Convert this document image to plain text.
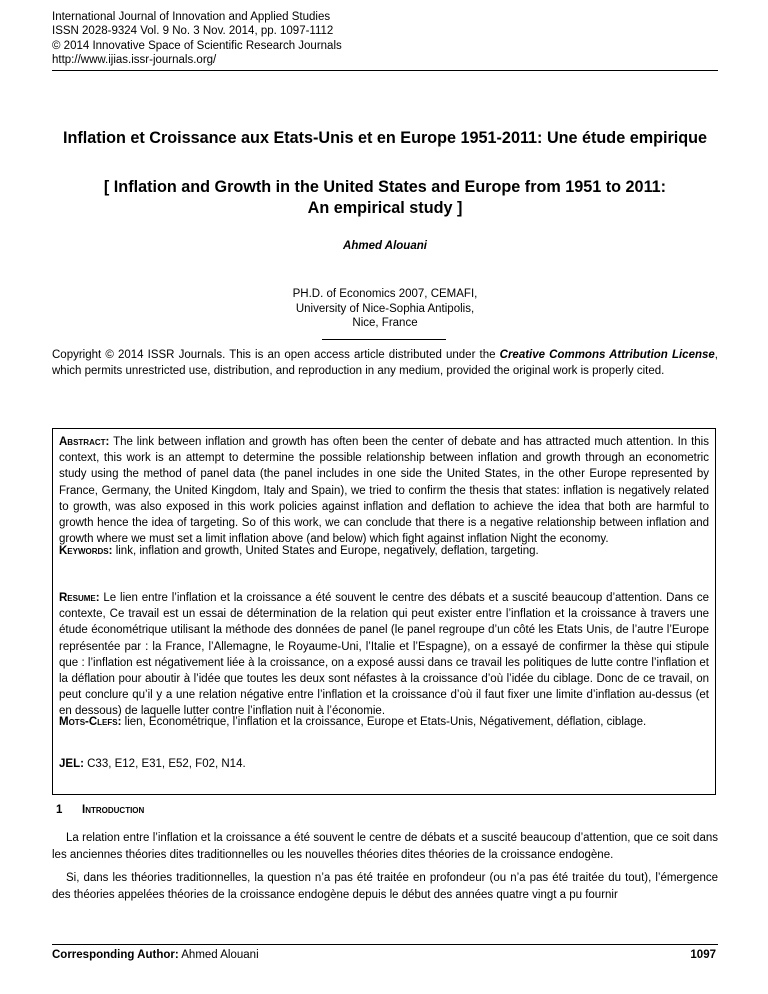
International Journal of Innovation and Applied Studies
ISSN 2028-9324 Vol. 9 No. 3 Nov. 2014, pp. 1097-1112
© 2014 Innovative Space of Scientific Research Journals
http://www.ijias.issr-journals.org/
Inflation et Croissance aux Etats-Unis et en Europe 1951-2011: Une étude empirique
[ Inflation and Growth in the United States and Europe from 1951 to 2011:
An empirical study ]
Ahmed Alouani
PH.D. of Economics 2007, CEMAFI,
University of Nice-Sophia Antipolis,
Nice, France
Copyright © 2014 ISSR Journals. This is an open access article distributed under the Creative Commons Attribution License, which permits unrestricted use, distribution, and reproduction in any medium, provided the original work is properly cited.
Abstract: The link between inflation and growth has often been the center of debate and has attracted much attention. In this context, this work is an attempt to determine the possible relationship between inflation and growth through an econometric study using the method of panel data (the panel includes in one side the United States, in the other Europe represented by France, Germany, the United Kingdom, Italy and Spain), we tried to confirm the thesis that states: inflation is negatively related to growth, was also exposed in this work policies against inflation and deflation to achieve the idea that both are harmful to growth hence the idea of targeting. So of this work, we can conclude that there is a negative relationship between inflation and growth where we must set a limit inflation above (and below) which fight against inflation Night the economy.
Keywords: link, inflation and growth, United States and Europe, negatively, deflation, targeting.
Resume: Le lien entre l’inflation et la croissance a été souvent le centre des débats et a suscité beaucoup d’attention. Dans ce contexte, Ce travail est un essai de détermination de la relation qui peut exister entre l’inflation et la croissance à travers une étude économétrique utilisant la méthode des données de panel (le panel regroupe d’un côté les Etats Unis, de l’autre l’Europe représentée par : la France, l’Allemagne, le Royaume-Uni, l’Italie et l’Espagne), on a essayé de confirmer la thèse qui stipule que : l’inflation est négativement liée à la croissance, on a exposé aussi dans ce travail les politiques de lutte contre l’inflation et la déflation pour aboutir à l’idée que toutes les deux sont néfastes à la croissance d’où l’idée du ciblage. Donc de ce travail, on peut conclure qu’il y a une relation négative entre l’inflation et la croissance d’où il faut fixer une limite d’inflation au-dessus (et en dessous) de laquelle lutter contre l’inflation nuit à l’économie.
Mots-Clefs: lien, Econométrique, l’inflation et la croissance, Europe et Etats-Unis, Négativement, déflation, ciblage.
JEL: C33, E12, E31, E52, F02, N14.
1 Introduction
La relation entre l’inflation et la croissance a été souvent le centre de débats et a suscité beaucoup d’attention, que ce soit dans les anciennes théories dites traditionnelles ou les nouvelles théories dites théories de la croissance endogène.
Si, dans les théories traditionnelles, la question n’a pas été traitée en profondeur (ou n’a pas été traitée du tout), l’émergence des théories appelées théories de la croissance endogène depuis le début des années quatre vingt a pu fournir
Corresponding Author: Ahmed Alouani	1097
